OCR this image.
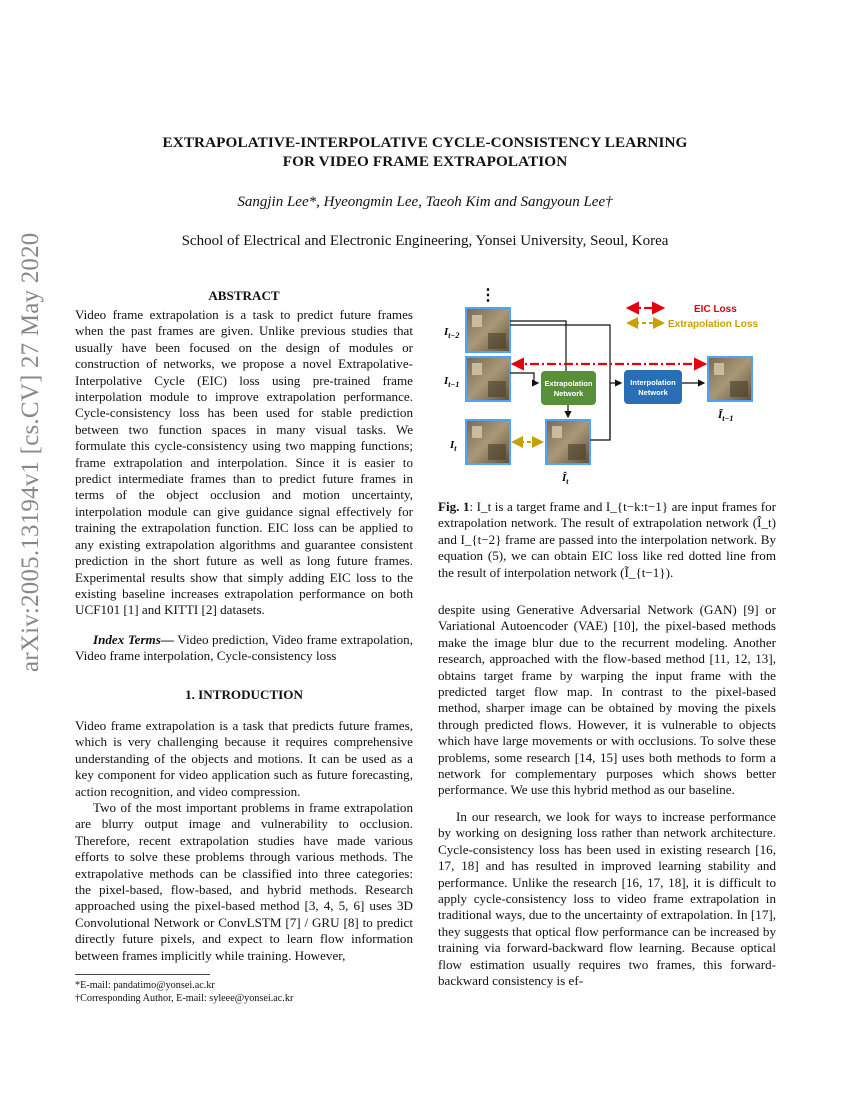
arXiv:2005.13194v1 [cs.CV] 27 May 2020
EXTRAPOLATIVE-INTERPOLATIVE CYCLE-CONSISTENCY LEARNING
FOR VIDEO FRAME EXTRAPOLATION
Sangjin Lee*, Hyeongmin Lee, Taeoh Kim and Sangyoun Lee†
School of Electrical and Electronic Engineering, Yonsei University, Seoul, Korea
ABSTRACT

Video frame extrapolation is a task to predict future frames when the past frames are given. Unlike previous studies that usually have been focused on the design of modules or construction of networks, we propose a novel Extrapolative-Interpolative Cycle (EIC) loss using pre-trained frame interpolation module to improve extrapolation performance. Cycle-consistency loss has been used for stable prediction between two function spaces in many visual tasks. We formulate this cycle-consistency using two mapping functions; frame extrapolation and interpolation. Since it is easier to predict intermediate frames than to predict future frames in terms of the object occlusion and motion uncertainty, interpolation module can give guidance signal effectively for training the extrapolation function. EIC loss can be applied to any existing extrapolation algorithms and guarantee consistent prediction in the short future as well as long future frames. Experimental results show that simply adding EIC loss to the existing baseline increases extrapolation performance on both UCF101 [1] and KITTI [2] datasets.

Index Terms— Video prediction, Video frame extrapolation, Video frame interpolation, Cycle-consistency loss

1. INTRODUCTION

Video frame extrapolation is a task that predicts future frames, which is very challenging because it requires comprehensive understanding of the objects and motions. It can be used as a key component for video application such as future forecasting, action recognition, and video compression.

Two of the most important problems in frame extrapolation are blurry output image and vulnerability to occlusion. Therefore, recent extrapolation studies have made various efforts to solve these problems through various methods. The extrapolative methods can be classified into three categories: the pixel-based, flow-based, and hybrid methods. Research approached using the pixel-based method [3, 4, 5, 6] uses 3D Convolutional Network or ConvLSTM [7] / GRU [8] to predict directly future pixels, and expect to learn flow information between frames implicitly while training. However,

*E-mail: pandatimo@yonsei.ac.kr
†Corresponding Author, E-mail: syleee@yonsei.ac.kr
⋮
$I_{t-2}$
$I_{t-1}$
$I_t$
Extrapolation
Network
$Î_t$
Interpolation
Network
$Ĩ_{t-1}$
EIC Loss
Extrapolation Loss
Fig. 1: I_t is a target frame and I_{t−k:t−1} are input frames for extrapolation network. The result of extrapolation network (Î_t) and I_{t−2} frame are passed into the interpolation network. By equation (5), we can obtain EIC loss like red dotted line from the result of interpolation network (Ĩ_{t−1}).

despite using Generative Adversarial Network (GAN) [9] or Variational Autoencoder (VAE) [10], the pixel-based methods make the image blur due to the recurrent modeling. Another research, approached with the flow-based method [11, 12, 13], obtains target frame by warping the input frame with the predicted target flow map. In contrast to the pixel-based method, sharper image can be obtained by moving the pixels through predicted flows. However, it is vulnerable to objects which have large movements or with occlusions. To solve these problems, some research [14, 15] uses both methods to form a network for complementary purposes which shows better performance. We use this hybrid method as our baseline.

In our research, we look for ways to increase performance by working on designing loss rather than network architecture. Cycle-consistency loss has been used in existing research [16, 17, 18] and has resulted in improved learning stability and performance. Unlike the research [16, 17, 18], it is difficult to apply cycle-consistency loss to video frame extrapolation in traditional ways, due to the uncertainty of extrapolation. In [17], they suggests that optical flow performance can be increased by training via forward-backward flow learning. Because optical flow estimation usually requires two frames, this forward-backward consistency is ef-
